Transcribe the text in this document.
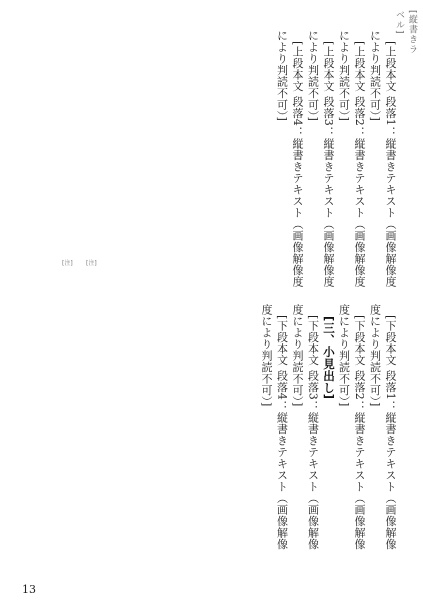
[縦書きラベル]

[上段本文 段落1：縦書きテキスト（画像解像度により判読不可）]

[上段本文 段落2：縦書きテキスト（画像解像度により判読不可）]

[上段本文 段落3：縦書きテキスト（画像解像度により判読不可）]

[上段本文 段落4：縦書きテキスト（画像解像度により判読不可）]

[下段本文 段落1：縦書きテキスト（画像解像度により判読不可）]

[下段本文 段落2：縦書きテキスト（画像解像度により判読不可）]

[三、小見出し]

[下段本文 段落3：縦書きテキスト（画像解像度により判読不可）]

[下段本文 段落4：縦書きテキスト（画像解像度により判読不可）]

[注] [注]
13
